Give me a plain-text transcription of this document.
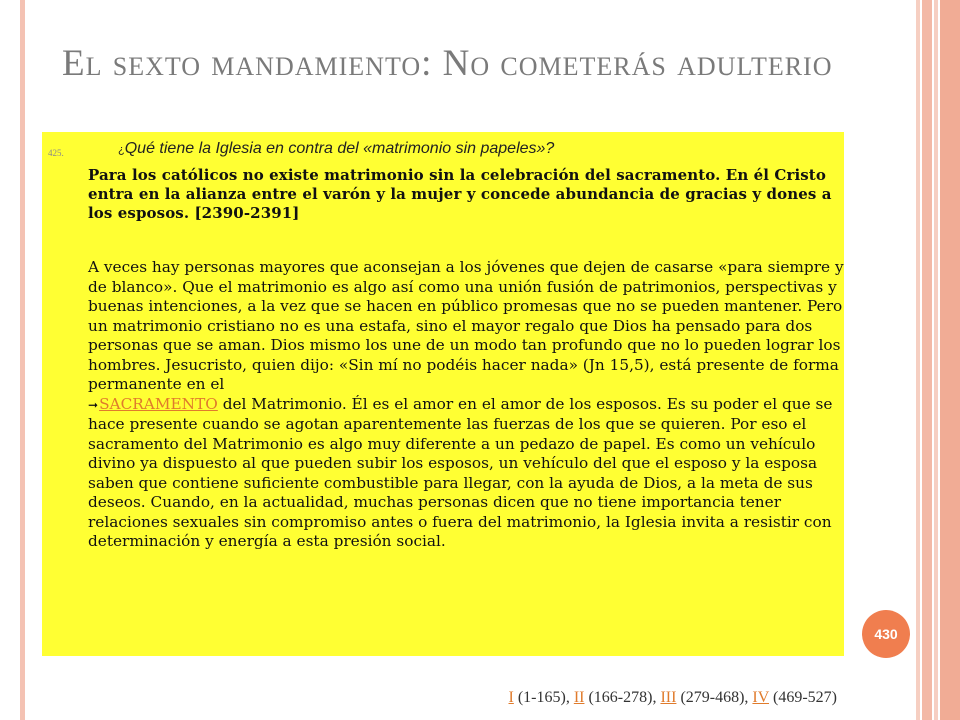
El sexto mandamiento: No cometerás adulterio
425.	¿Qué tiene la Iglesia en contra del «matrimonio sin papeles»?

Para los católicos no existe matrimonio sin la celebración del sacramento. En él Cristo entra en la alianza entre el varón y la mujer y concede abundancia de gracias y dones a los esposos. [2390-2391]

A veces hay personas mayores que aconsejan a los jóvenes que dejen de casarse «para siempre y de blanco». Que el matrimonio es algo así como una unión fusión de patrimonios, perspectivas y buenas intenciones, a la vez que se hacen en público promesas que no se pueden mantener. Pero un matrimonio cristiano no es una estafa, sino el mayor regalo que Dios ha pensado para dos personas que se aman. Dios mismo los une de un modo tan profundo que no lo pueden lograr los hombres. Jesucristo, quien dijo: «Sin mí no podéis hacer nada» (Jn 15,5), está presente de forma permanente en el
➞SACRAMENTO del Matrimonio. Él es el amor en el amor de los esposos. Es su poder el que se hace presente cuando se agotan aparentemente las fuerzas de los que se quieren. Por eso el sacramento del Matrimonio es algo muy diferente a un pedazo de papel. Es como un vehículo divino ya dispuesto al que pueden subir los esposos, un vehículo del que el esposo y la esposa saben que contiene suficiente combustible para llegar, con la ayuda de Dios, a la meta de sus deseos. Cuando, en la actualidad, muchas personas dicen que no tiene importancia tener relaciones sexuales sin compromiso antes o fuera del matrimonio, la Iglesia invita a resistir con determinación y energía a esta presión social.

430
I (1-165), II (166-278), III (279-468), IV (469-527)
